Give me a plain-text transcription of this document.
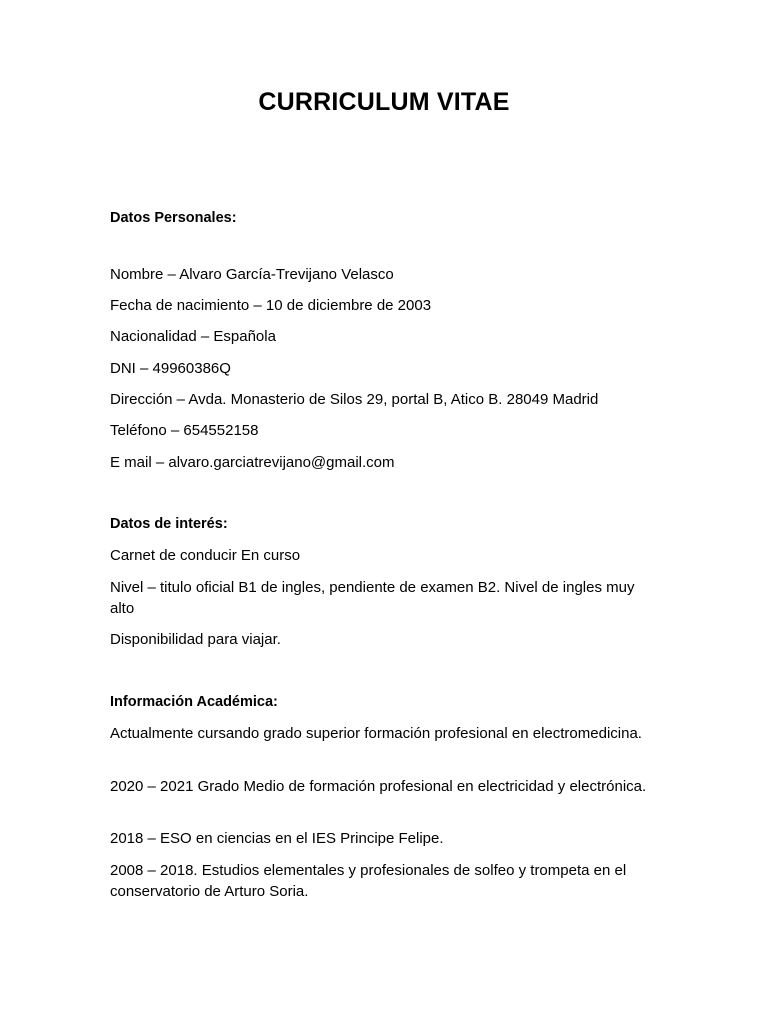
CURRICULUM VITAE
Datos Personales:
Nombre – Alvaro García-Trevijano Velasco
Fecha de nacimiento – 10 de diciembre de 2003
Nacionalidad – Española
DNI – 49960386Q
Dirección – Avda. Monasterio de Silos 29, portal B, Atico B. 28049 Madrid
Teléfono – 654552158
E mail – alvaro.garciatrevijano@gmail.com
Datos de interés:
Carnet de conducir En curso
Nivel – titulo oficial B1 de ingles, pendiente de examen B2. Nivel de ingles muy alto
Disponibilidad para viajar.
Información Académica:
Actualmente cursando grado superior formación profesional en electromedicina.
2020 – 2021 Grado Medio de formación profesional en electricidad y electrónica.
2018 – ESO en ciencias en el IES Principe Felipe.
2008 – 2018. Estudios elementales y profesionales de solfeo y trompeta en el conservatorio de Arturo Soria.
